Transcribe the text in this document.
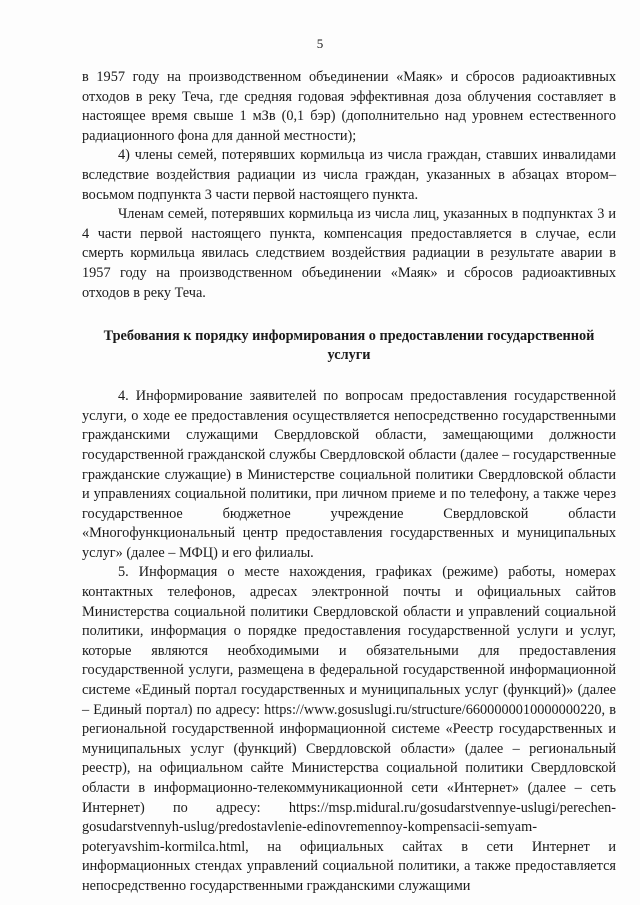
5

в 1957 году на производственном объединении «Маяк» и сбросов радиоактивных отходов в реку Теча, где средняя годовая эффективная доза облучения составляет в настоящее время свыше 1 мЗв (0,1 бэр) (дополнительно над уровнем естественного радиационного фона для данной местности);

4) члены семей, потерявших кормильца из числа граждан, ставших инвалидами вследствие воздействия радиации из числа граждан, указанных в абзацах втором–восьмом подпункта 3 части первой настоящего пункта.

Членам семей, потерявших кормильца из числа лиц, указанных в подпунктах 3 и 4 части первой настоящего пункта, компенсация предоставляется в случае, если смерть кормильца явилась следствием воздействия радиации в результате аварии в 1957 году на производственном объединении «Маяк» и сбросов радиоактивных отходов в реку Теча.

Требования к порядку информирования о предоставлении государственной услуги

4. Информирование заявителей по вопросам предоставления государственной услуги, о ходе ее предоставления осуществляется непосредственно государственными гражданскими служащими Свердловской области, замещающими должности государственной гражданской службы Свердловской области (далее – государственные гражданские служащие) в Министерстве социальной политики Свердловской области и управлениях социальной политики, при личном приеме и по телефону, а также через государственное бюджетное учреждение Свердловской области «Многофункциональный центр предоставления государственных и муниципальных услуг» (далее – МФЦ) и его филиалы.

5. Информация о месте нахождения, графиках (режиме) работы, номерах контактных телефонов, адресах электронной почты и официальных сайтов Министерства социальной политики Свердловской области и управлений социальной политики, информация о порядке предоставления государственной услуги и услуг, которые являются необходимыми и обязательными для предоставления государственной услуги, размещена в федеральной государственной информационной системе «Единый портал государственных и муниципальных услуг (функций)» (далее – Единый портал) по адресу: https://www.gosuslugi.ru/structure/6600000010000000220, в региональной государственной информационной системе «Реестр государственных и муниципальных услуг (функций) Свердловской области» (далее – региональный реестр), на официальном сайте Министерства социальной политики Свердловской области в информационно-телекоммуникационной сети «Интернет» (далее – сеть Интернет) по адресу: https://msp.midural.ru/gosudarstvennye-uslugi/perechen-gosudarstvennyh-uslug/predostavlenie-edinovremennoy-kompensacii-semyam-poteryavshim-kormilca.html, на официальных сайтах в сети Интернет и информационных стендах управлений социальной политики, а также предоставляется непосредственно государственными гражданскими служащими
